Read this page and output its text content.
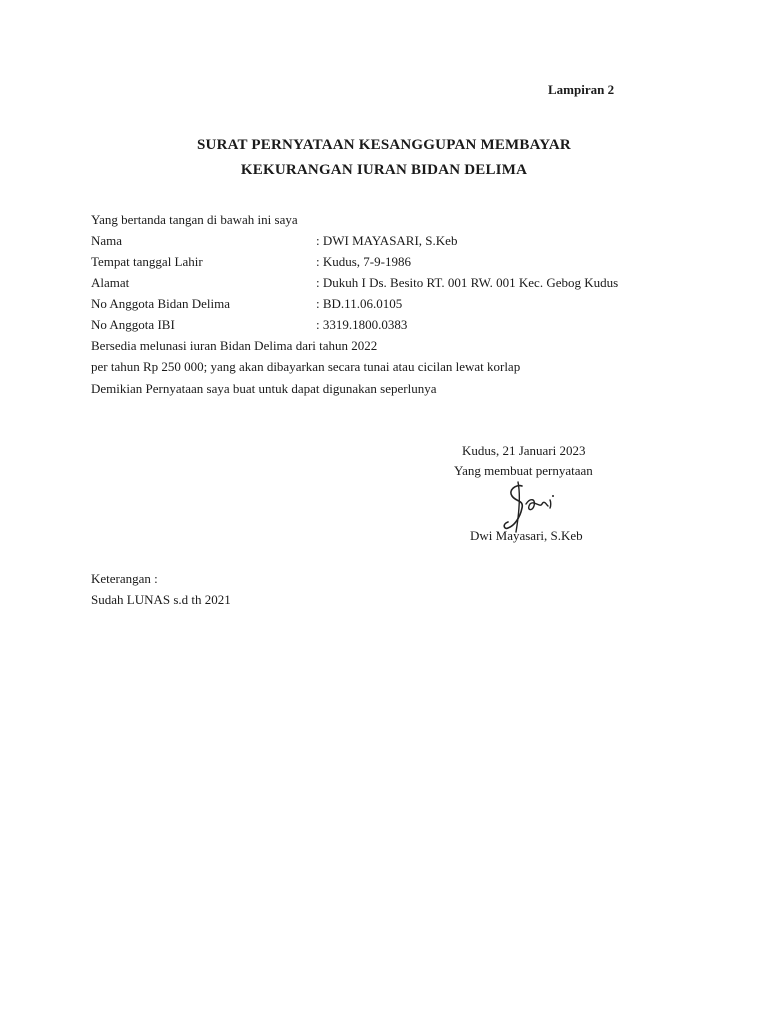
Lampiran 2
SURAT PERNYATAAN KESANGGUPAN MEMBAYAR
KEKURANGAN IURAN BIDAN DELIMA
Yang bertanda tangan di bawah ini saya
Nama	: DWI MAYASARI, S.Keb
Tempat tanggal Lahir	: Kudus, 7-9-1986
Alamat	: Dukuh I Ds. Besito RT. 001 RW. 001 Kec. Gebog Kudus
No Anggota Bidan Delima	: BD.11.06.0105
No Anggota IBI	: 3319.1800.0383
Bersedia melunasi iuran Bidan Delima dari tahun 2022
per tahun Rp 250 000; yang akan dibayarkan secara tunai atau cicilan lewat korlap
Demikian Pernyataan saya buat untuk dapat digunakan seperlunya
Kudus, 21 Januari 2023
Yang membuat pernyataan
Dwi Mayasari, S.Keb
Keterangan :
Sudah LUNAS s.d th 2021
